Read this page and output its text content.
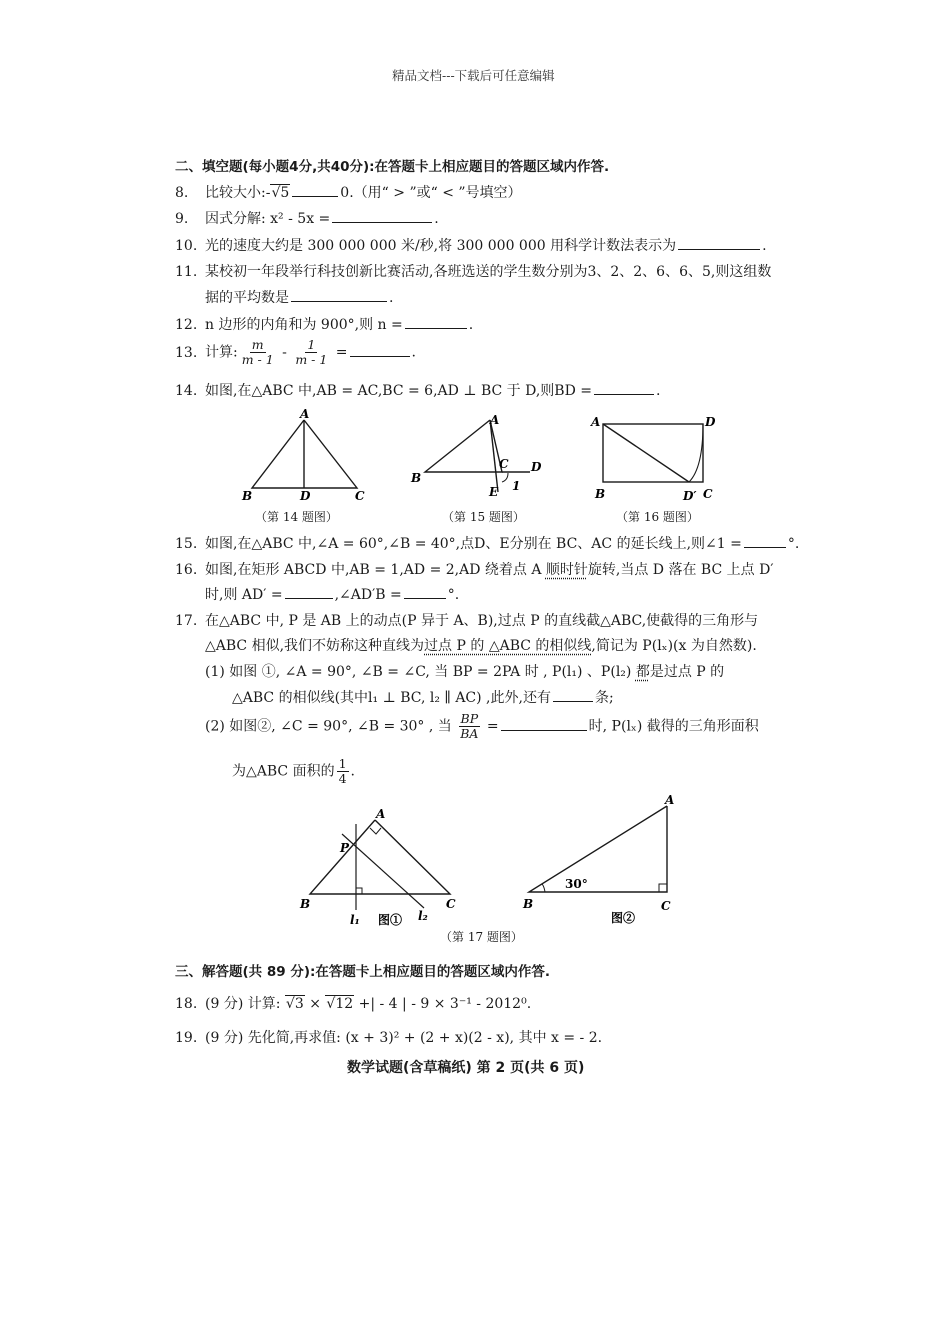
精品文档---下载后可任意编辑
二、填空题(每小题4分,共40分):在答题卡上相应题目的答题区域内作答.
8. 比较大小:-√5	0.（用“ > ”或“ < ”号填空）
9. 因式分解: x² - 5x =	.
10. 光的速度大约是 300 000 000 米/秒,将 300 000 000 用科学计数法表示为	.
11. 某校初一年段举行科技创新比赛活动,各班选送的学生数分别为3、2、2、6、6、5,则这组数
据的平均数是	.
12. n 边形的内角和为 900°,则 n =	.
13. 计算: $\frac{m}{m - 1} - \frac{1}{m - 1}$ =	.
14. 如图,在△ABC 中,AB = AC,BC = 6,AD ⊥ BC 于 D,则BD =	.
A
B	D	C
（第 14 题图）
A
B
C D
E 1
（第 15 题图）
A	D
B	D′ C
（第 16 题图）
15. 如图,在△ABC 中,∠A = 60°,∠B = 40°,点D、E分别在 BC、AC 的延长线上,则∠1 =	°.
16. 如图,在矩形 ABCD 中,AB = 1,AD = 2,AD 绕着点 A 顺时针旋转,当点 D 落在 BC 上点 D′
时,则 AD′ =	,∠AD′B =	°.
17. 在△ABC 中, P 是 AB 上的动点(P 异于 A、B),过点 P 的直线截△ABC,使截得的三角形与
△ABC 相似,我们不妨称这种直线为过点 P 的 △ABC 的相似线,简记为 P(lₓ)(x 为自然数).
(1) 如图 ①, ∠A = 90°, ∠B = ∠C, 当 BP = 2PA 时 , P(l₁) 、P(l₂) 都是过点 P 的
△ABC 的相似线(其中l₁ ⊥ BC, l₂ ∥ AC) ,此外,还有	条;
(2) 如图②, ∠C = 90°, ∠B = 30° , 当 $\frac{BP}{BA}$ =	时, P(lₓ) 截得的三角形面积
为△ABC 面积的 $\frac{1}{4}$ .
A
P
B	C
l₁	l₂
图①
A
B	C
30°
图②
（第 17 题图）
三、解答题(共 89 分):在答题卡上相应题目的答题区域内作答.
18. (9 分) 计算: √3 × √12 +| - 4 | - 9 × 3⁻¹ - 2012⁰.
19. (9 分) 先化简,再求值: (x + 3)² + (2 + x)(2 - x), 其中 x = - 2.
数学试题(含草稿纸) 第 2 页(共 6 页)
